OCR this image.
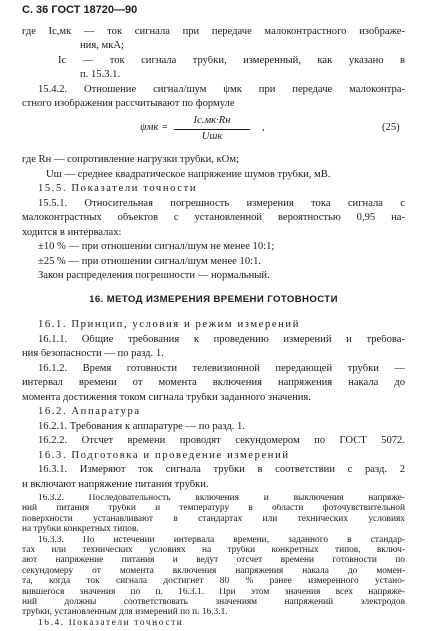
С. 36 ГОСТ 18720—90
где Iс,мк — ток сигнала при передаче малоконтрастного изображе-
ния, мкА;
Iс — ток сигнала трубки, измеренный, как указано в
п. 15.3.1.
15.4.2. Отношение сигнал/шум ψмк при передаче малоконтра-
стного изображения рассчитывают по формуле
ψмк =
Iс.мк·Rн
Uшк
,	(25)
где Rн — сопротивление нагрузки трубки, кОм;
Uш — среднее квадратическое напряжение шумов трубки, мВ.
15.5. Показатели точности
15.5.1. Относительная погрешность измерения тока сигнала с
малоконтрастных объектов с установленной вероятностью 0,95 на-
ходится в интервалах:
±10 % — при отношении сигнал/шум не менее 10:1;
±25 % — при отношении сигнал/шум менее 10:1.
Закон распределения погрешности — нормальный.
16. МЕТОД ИЗМЕРЕНИЯ ВРЕМЕНИ ГОТОВНОСТИ
16.1. Принцип, условия и режим измерений
16.1.1. Общие требования к проведению измерений и требова-
ния безопасности — по разд. 1.
16.1.2. Время готовности телевизионной передающей трубки —
интервал времени от момента включения напряжения накала до
момента достижения током сигнала трубки заданного значения.
16.2. Аппаратура
16.2.1. Требования к аппаратуре — по разд. 1.
16.2.2. Отсчет времени проводят секундомером по ГОСТ 5072.
16.3. Подготовка и проведение измерений
16.3.1. Измеряют ток сигнала трубки в соответствии с разд. 2
и включают напряжение питания трубки.
16.3.2. Последовательность включения и выключения напряже-
ний питания трубки и температуру в области фоточувствительной
поверхности устанавливают в стандартах или технических условиях
на трубки конкретных типов.
16.3.3. По истечении интервала времени, заданного в стандар-
тах или технических условиях на трубки конкретных типов, включ-
ают напряжение питания и ведут отсчет времени готовности по
секундомеру от момента включения напряжения накала до момен-
та, когда ток сигнала достигнет 80 % ранее измеренного устано-
вившегося значения по п. 16.3.1. При этом значения всех напряже-
ний должны соответствовать значениям напряжений электродов
трубки, установленным для измерений по п. 16.3.1.
16.4. Показатели точности
